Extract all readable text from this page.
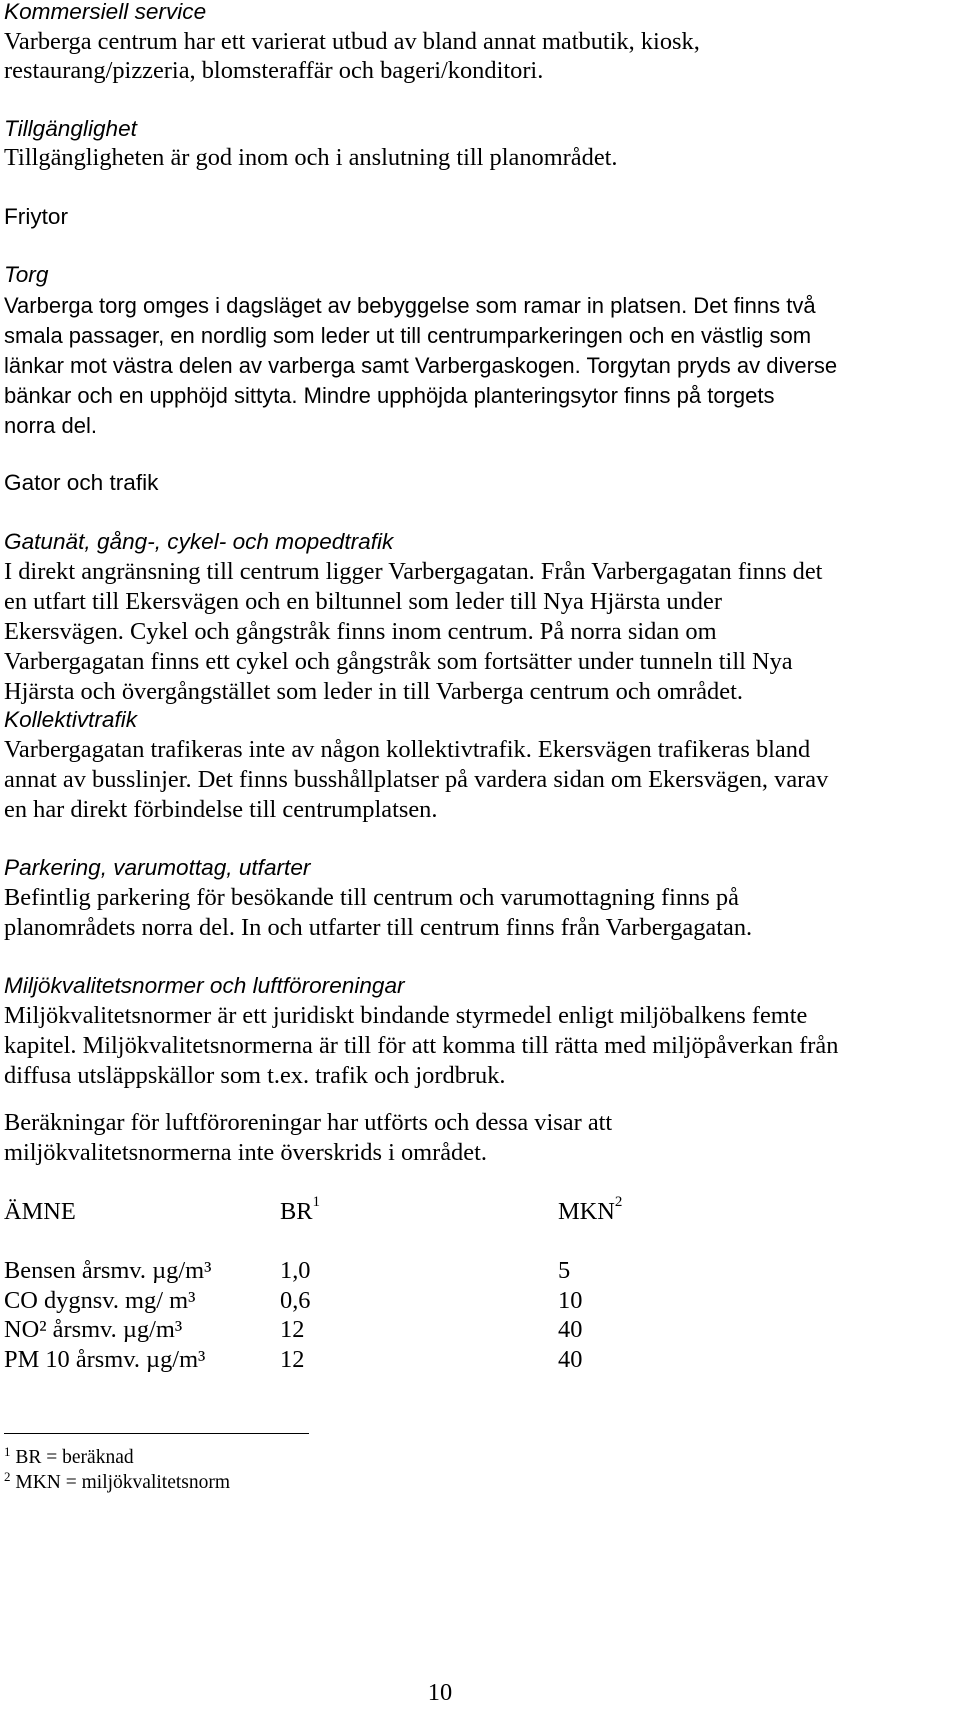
Kommersiell service
Varberga centrum har ett varierat utbud av bland annat matbutik, kiosk,
restaurang/pizzeria, blomsteraffär och bageri/konditori.
Tillgänglighet
Tillgängligheten är god inom och i anslutning till planområdet.
Friytor
Torg
Varberga torg omges i dagsläget av bebyggelse som ramar in platsen. Det finns två
smala passager, en nordlig som leder ut till centrumparkeringen och en västlig som
länkar mot västra delen av varberga samt Varbergaskogen. Torgytan pryds av diverse
bänkar och en upphöjd sittyta. Mindre upphöjda planteringsytor finns på torgets
norra del.
Gator och trafik
Gatunät, gång-, cykel- och mopedtrafik
I direkt angränsning till centrum ligger Varbergagatan. Från Varbergagatan finns det
en utfart till Ekersvägen och en biltunnel som leder till Nya Hjärsta under
Ekersvägen. Cykel och gångstråk finns inom centrum. På norra sidan om
Varbergagatan finns ett cykel och gångstråk som fortsätter under tunneln till Nya
Hjärsta och övergångstället som leder in till Varberga centrum och området.
Kollektivtrafik
Varbergagatan trafikeras inte av någon kollektivtrafik. Ekersvägen trafikeras bland
annat av busslinjer. Det finns busshållplatser på vardera sidan om Ekersvägen, varav
en har direkt förbindelse till centrumplatsen.
Parkering, varumottag, utfarter
Befintlig parkering för besökande till centrum och varumottagning finns på
planområdets norra del. In och utfarter till centrum finns från Varbergagatan.
Miljökvalitetsnormer och luftföroreningar
Miljökvalitetsnormer är ett juridiskt bindande styrmedel enligt miljöbalkens femte
kapitel. Miljökvalitetsnormerna är till för att komma till rätta med miljöpåverkan från
diffusa utsläppskällor som t.ex. trafik och jordbruk.
Beräkningar för luftföroreningar har utförts och dessa visar att
miljökvalitetsnormerna inte överskrids i området.
ÄMNE	$BR^1$	MKN$^2$
Bensen årsmv. µg/m³	1,0	5
CO dygnsv. mg/ m³	0,6	10
NO² årsmv. µg/m³	12	40
PM 10 årsmv. µg/m³	12	40
$^1$ BR = beräknad
$^2$ MKN = miljökvalitetsnorm
10
